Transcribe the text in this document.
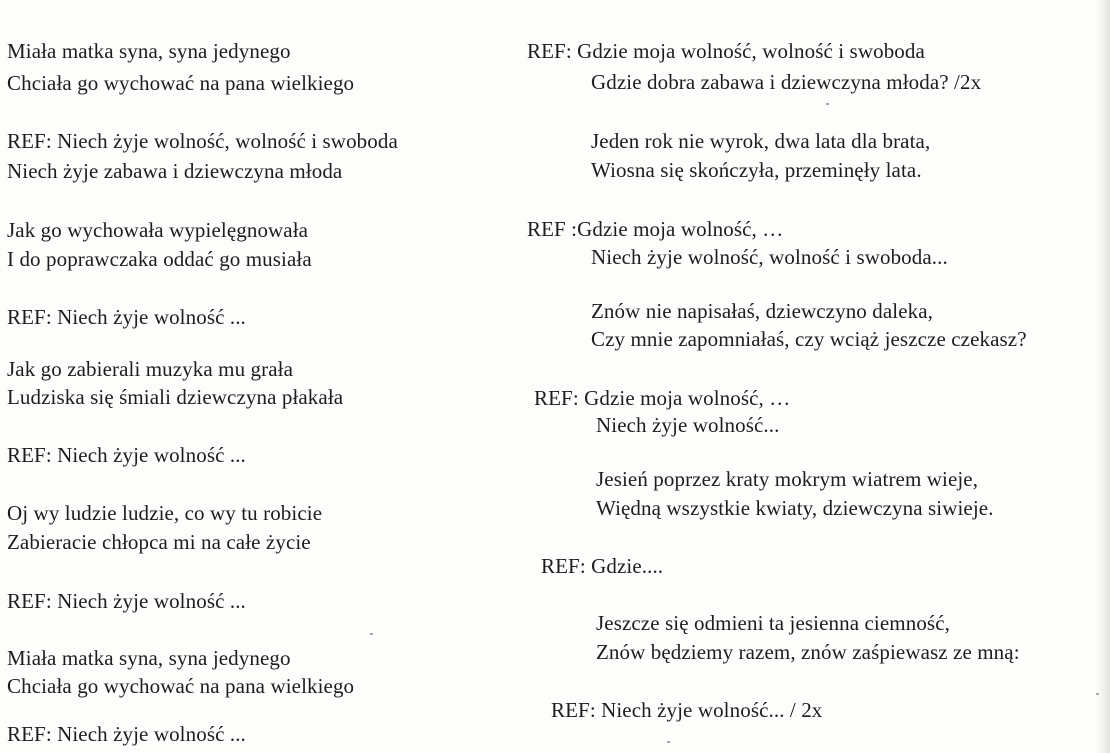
Miała matka syna, syna jedynego
Chciała go wychować na pana wielkiego
REF: Niech żyje wolność, wolność i swoboda
Niech żyje zabawa i dziewczyna młoda
Jak go wychowała wypielęgnowała
I do poprawczaka oddać go musiała
REF: Niech żyje wolność ...
Jak go zabierali muzyka mu grała
Ludziska się śmiali dziewczyna płakała
REF: Niech żyje wolność ...
Oj wy ludzie ludzie, co wy tu robicie
Zabieracie chłopca mi na całe życie
REF: Niech żyje wolność ...
Miała matka syna, syna jedynego
Chciała go wychować na pana wielkiego
REF: Niech żyje wolność ...
REF: Gdzie moja wolność, wolność i swoboda
Gdzie dobra zabawa i dziewczyna młoda? /2x
Jeden rok nie wyrok, dwa lata dla brata,
Wiosna się skończyła, przeminęły lata.
REF :Gdzie moja wolność, …
Niech żyje wolność, wolność i swoboda...
Znów nie napisałaś, dziewczyno daleka,
Czy mnie zapomniałaś, czy wciąż jeszcze czekasz?
REF: Gdzie moja wolność, …
Niech żyje wolność...
Jesień poprzez kraty mokrym wiatrem wieje,
Więdną wszystkie kwiaty, dziewczyna siwieje.
REF: Gdzie....
Jeszcze się odmieni ta jesienna ciemność,
Znów będziemy razem, znów zaśpiewasz ze mną:
REF: Niech żyje wolność... / 2x
